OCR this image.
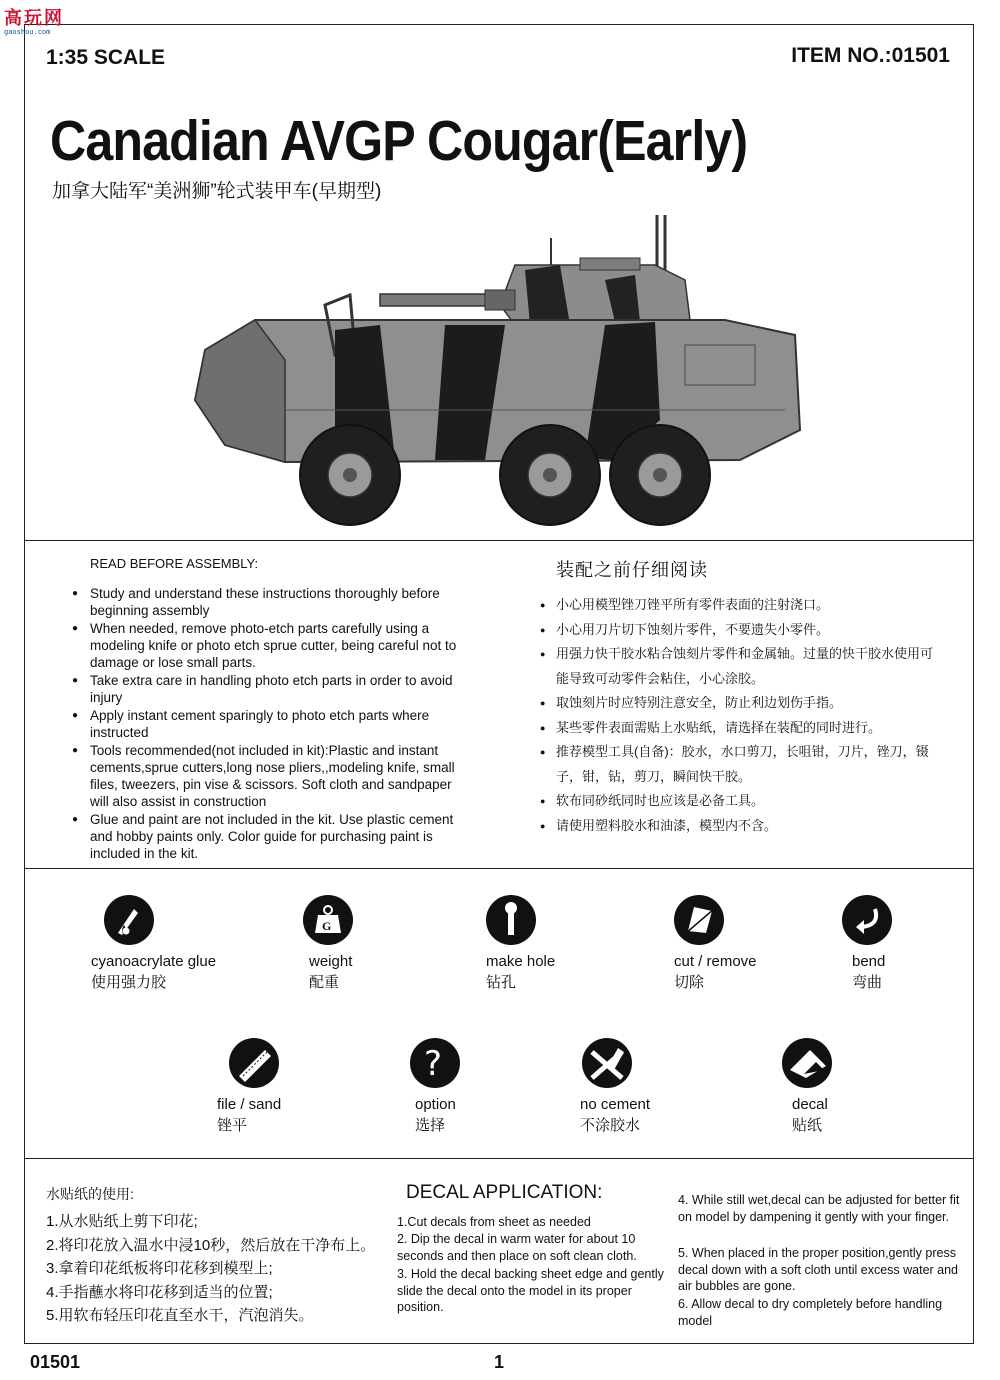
高玩网
gaoshou.com
1:35 SCALE	ITEM NO.:01501
Canadian AVGP Cougar(Early)
加拿大陆军“美洲狮”轮式装甲车(早期型)
READ BEFORE ASSEMBLY:
● Study and understand these instructions thoroughly before beginning assembly
● When needed, remove photo-etch parts carefully using a modeling knife or photo etch sprue cutter, being careful not to damage or lose small parts.
● Take extra care in handling photo etch parts in order to avoid injury
● Apply instant cement sparingly to photo etch parts where instructed
● Tools recommended(not included in kit):Plastic and instant cements,sprue cutters,long nose pliers,,modeling knife, small files, tweezers, pin vise & scissors. Soft cloth and sandpaper will also assist in construction
● Glue and paint are not included in the kit. Use plastic cement and hobby paints only. Color guide for purchasing paint is included in the kit.
装配之前仔细阅读
● 小心用模型锉刀锉平所有零件表面的注射浇口。
● 小心用刀片切下蚀刻片零件，不要遗失小零件。
● 用强力快干胶水粘合蚀刻片零件和金属轴。过量的快干胶水使用可能导致可动零件会粘住，小心涂胶。
● 取蚀刻片时应特别注意安全，防止利边划伤手指。
● 某些零件表面需贴上水贴纸，请选择在装配的同时进行。
● 推荐模型工具(自备)：胶水，水口剪刀，长咀钳，刀片，锉刀，镊子，钳，钻，剪刀，瞬间快干胶。
● 软布同砂纸同时也应该是必备工具。
● 请使用塑料胶水和油漆，模型内不含。
cyanoacrylate glue
使用强力胶
G
weight
配重
make hole
钻孔
cut / remove
切除
bend
弯曲
file / sand
锉平
?
option
选择
no cement
不涂胶水
decal
贴纸
水贴纸的使用:
1.从水贴纸上剪下印花;
2.将印花放入温水中浸10秒，然后放在干净布上。
3.拿着印花纸板将印花移到模型上;
4.手指蘸水将印花移到适当的位置;
5.用软布轻压印花直至水干，汽泡消失。
DECAL APPLICATION:
1.Cut decals from sheet as needed
2. Dip the decal in warm water for about 10 seconds and then place on soft clean cloth.
3. Hold the decal backing sheet edge and gently slide the decal onto the model in its proper position.
4. While still wet,decal can be adjusted for better fit on model by dampening it gently with your finger.
5. When placed in the proper position,gently press decal down with a soft cloth until excess water and air bubbles are gone.
6. Allow decal to dry completely before handling model
01501	1
